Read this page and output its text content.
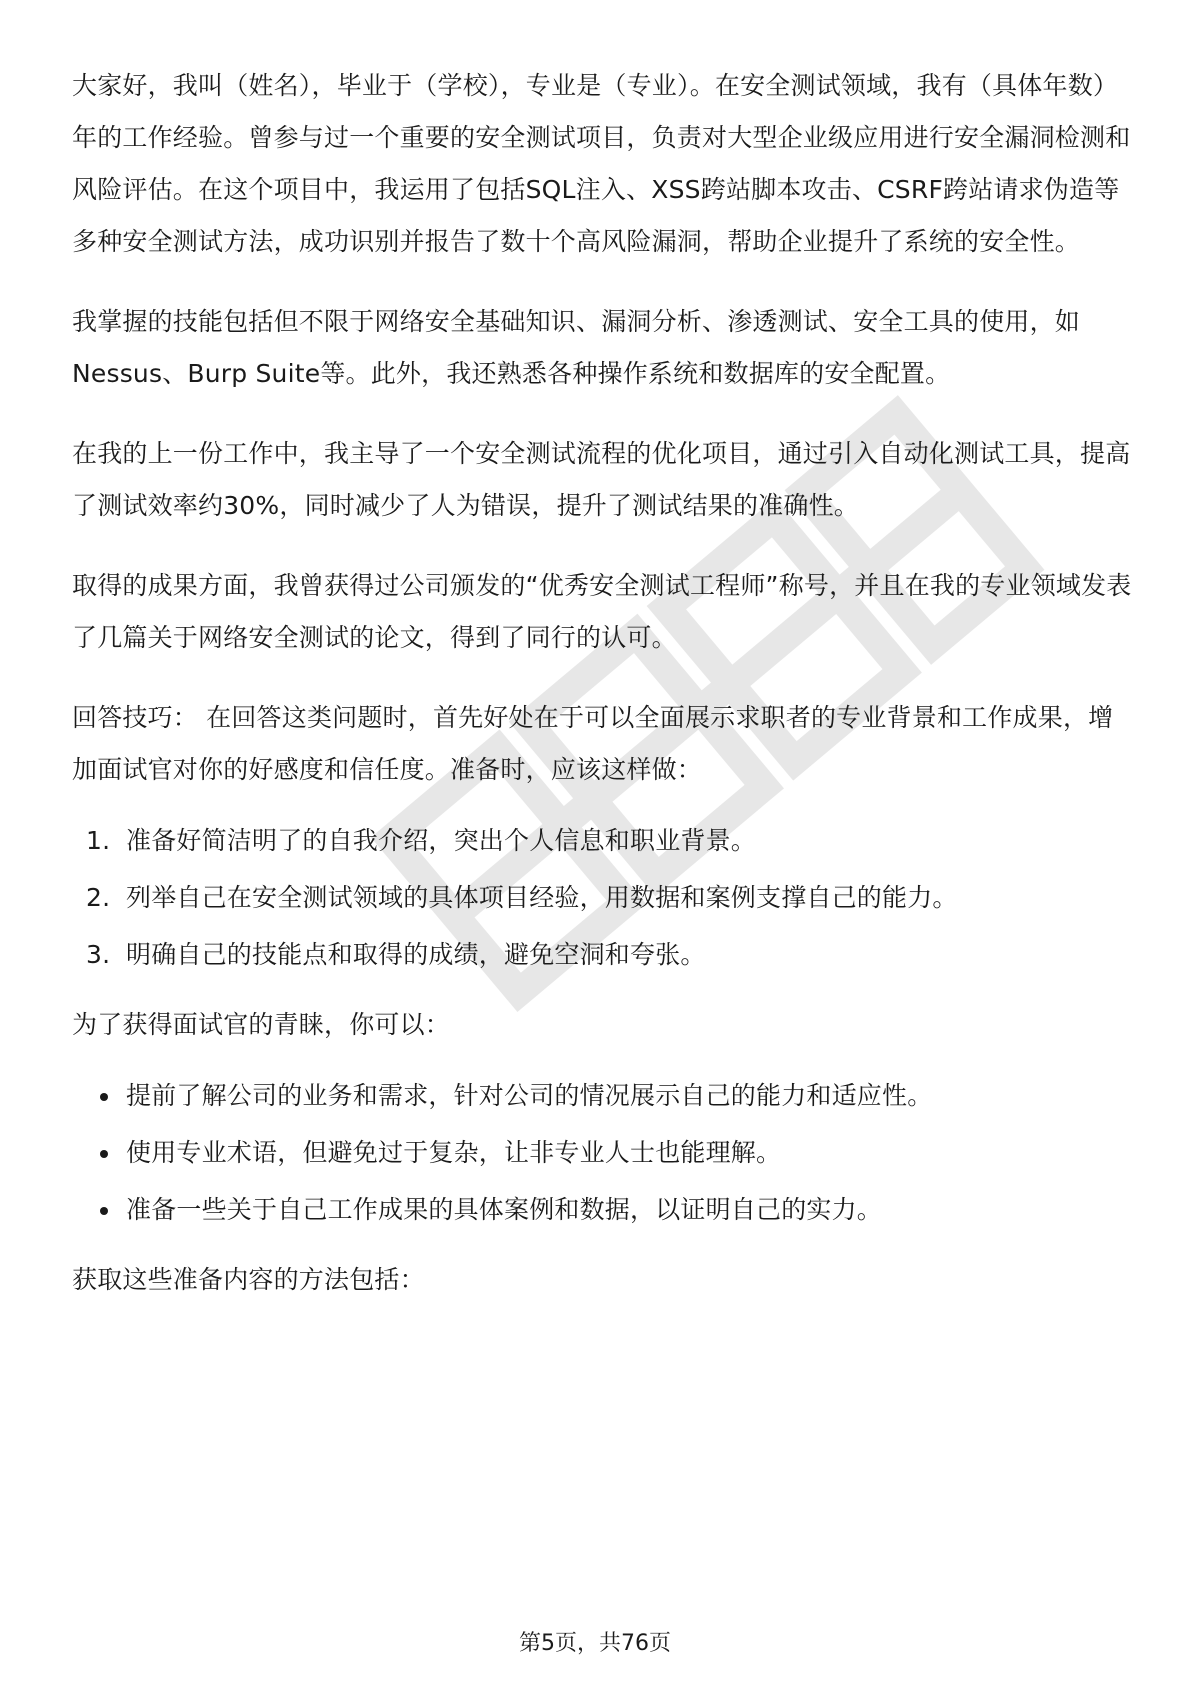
大家好，我叫（姓名），毕业于（学校），专业是（专业）。在安全测试领域，我有（具体年数）年的工作经验。曾参与过一个重要的安全测试项目，负责对大型企业级应用进行安全漏洞检测和风险评估。在这个项目中，我运用了包括SQL注入、XSS跨站脚本攻击、CSRF跨站请求伪造等多种安全测试方法，成功识别并报告了数十个高风险漏洞，帮助企业提升了系统的安全性。

我掌握的技能包括但不限于网络安全基础知识、漏洞分析、渗透测试、安全工具的使用，如Nessus、Burp Suite等。此外，我还熟悉各种操作系统和数据库的安全配置。

在我的上一份工作中，我主导了一个安全测试流程的优化项目，通过引入自动化测试工具，提高了测试效率约30%，同时减少了人为错误，提升了测试结果的准确性。

取得的成果方面，我曾获得过公司颁发的“优秀安全测试工程师”称号，并且在我的专业领域发表了几篇关于网络安全测试的论文，得到了同行的认可。

回答技巧： 在回答这类问题时，首先好处在于可以全面展示求职者的专业背景和工作成果，增加面试官对你的好感度和信任度。准备时，应该这样做：

1. 准备好简洁明了的自我介绍，突出个人信息和职业背景。
2. 列举自己在安全测试领域的具体项目经验，用数据和案例支撑自己的能力。
3. 明确自己的技能点和取得的成绩，避免空洞和夸张。

为了获得面试官的青睐，你可以：

提前了解公司的业务和需求，针对公司的情况展示自己的能力和适应性。
使用专业术语，但避免过于复杂，让非专业人士也能理解。
准备一些关于自己工作成果的具体案例和数据，以证明自己的实力。

获取这些准备内容的方法包括：

第5页，共76页
